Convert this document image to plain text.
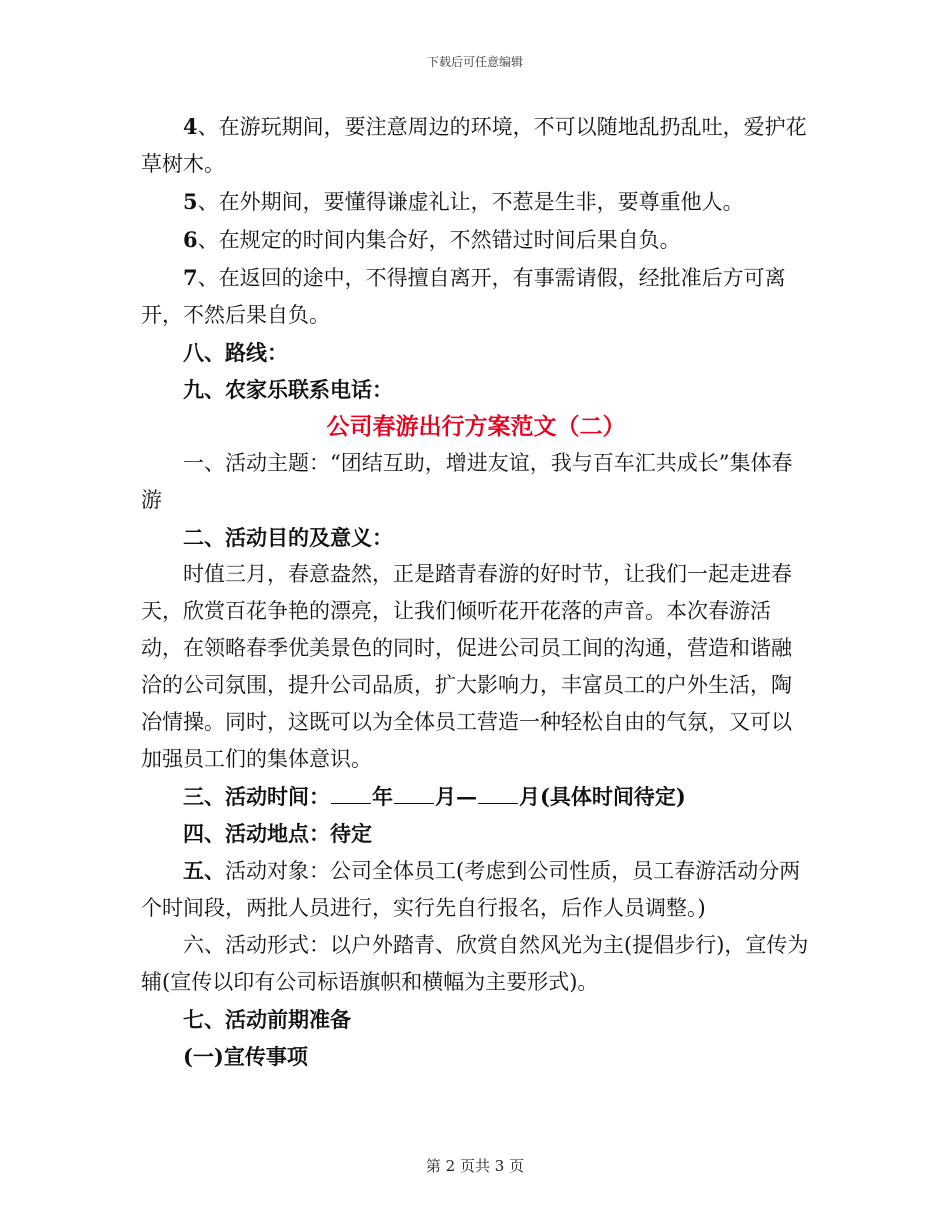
下载后可任意编辑

4、在游玩期间，要注意周边的环境，不可以随地乱扔乱吐，爱护花草树木。

5、在外期间，要懂得谦虚礼让，不惹是生非，要尊重他人。

6、在规定的时间内集合好，不然错过时间后果自负。

7、在返回的途中，不得擅自离开，有事需请假，经批准后方可离开，不然后果自负。

八、路线：

九、农家乐联系电话：

公司春游出行方案范文（二）

一、活动主题：“团结互助，增进友谊，我与百车汇共成长”集体春游

二、活动目的及意义：

时值三月，春意盎然，正是踏青春游的好时节，让我们一起走进春天，欣赏百花争艳的漂亮，让我们倾听花开花落的声音。本次春游活动，在领略春季优美景色的同时，促进公司员工间的沟通，营造和谐融洽的公司氛围，提升公司品质，扩大影响力，丰富员工的户外生活，陶冶情操。同时，这既可以为全体员工营造一种轻松自由的气氛，又可以加强员工们的集体意识。

三、活动时间： 年 月— 月(具体时间待定)

四、活动地点：待定

五、活动对象：公司全体员工(考虑到公司性质，员工春游活动分两个时间段，两批人员进行，实行先自行报名，后作人员调整。)

六、活动形式：以户外踏青、欣赏自然风光为主(提倡步行)，宣传为辅(宣传以印有公司标语旗帜和横幅为主要形式)。

七、活动前期准备

(一)宣传事项

第 2 页共 3 页
